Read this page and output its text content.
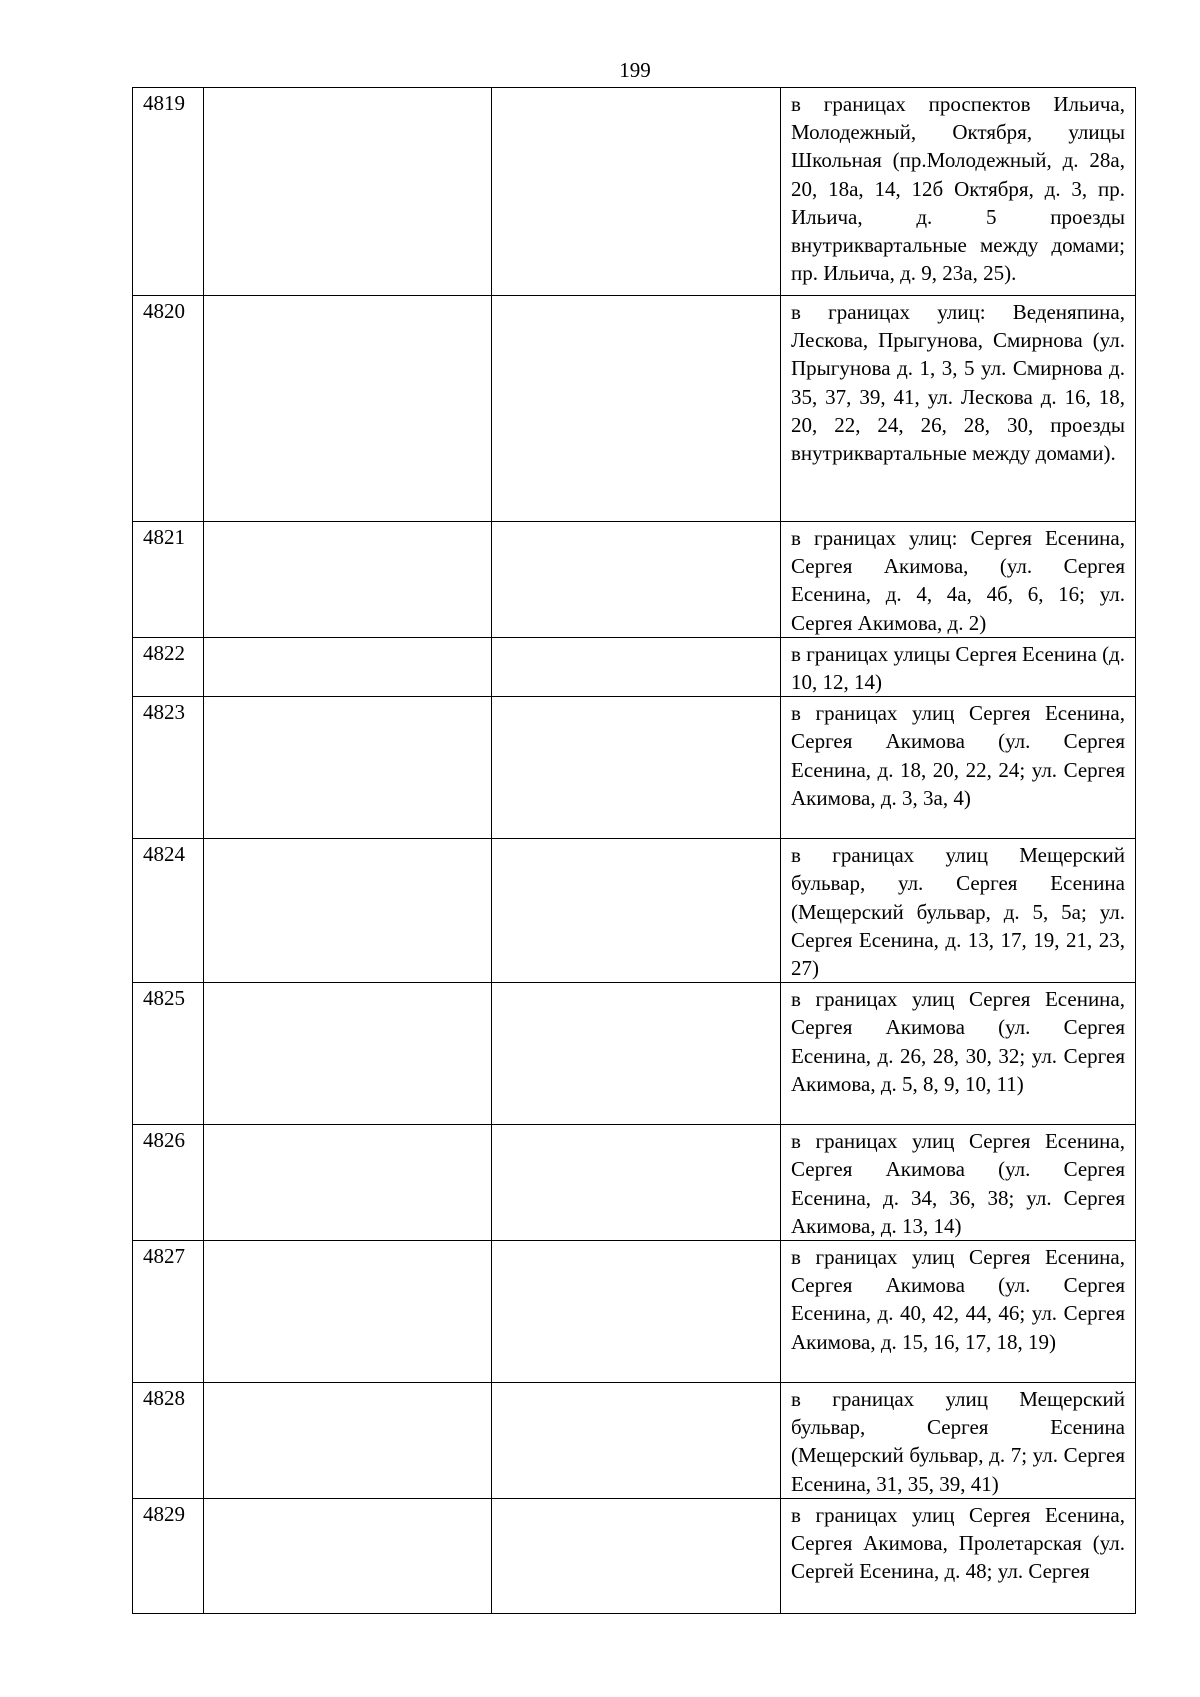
199
4819			в границах проспектов Ильича, Молодежный, Октября, улицы Школьная (пр.Молодежный, д. 28а, 20, 18а, 14, 12б Октября, д. 3, пр. Ильича, д. 5 проезды внутриквартальные между домами; пр. Ильича, д. 9, 23а, 25).

4820			в границах улиц: Веденяпина, Лескова, Прыгунова, Смирнова (ул. Прыгунова д. 1, 3, 5 ул. Смирнова д. 35, 37, 39, 41, ул. Лескова д. 16, 18, 20, 22, 24, 26, 28, 30, проезды внутриквартальные между домами).

4821			в границах улиц: Сергея Есенина, Сергея Акимова, (ул. Сергея Есенина, д. 4, 4а, 4б, 6, 16; ул. Сергея Акимова, д. 2)

4822			в границах улицы Сергея Есенина (д. 10, 12, 14)

4823			в границах улиц Сергея Есенина, Сергея Акимова (ул. Сергея Есенина, д. 18, 20, 22, 24; ул. Сергея Акимова, д. 3, 3а, 4)

4824			в границах улиц Мещерский бульвар, ул. Сергея Есенина (Мещерский бульвар, д. 5, 5а; ул. Сергея Есенина, д. 13, 17, 19, 21, 23, 27)

4825			в границах улиц Сергея Есенина, Сергея Акимова (ул. Сергея Есенина, д. 26, 28, 30, 32; ул. Сергея Акимова, д. 5, 8, 9, 10, 11)

4826			в границах улиц Сергея Есенина, Сергея Акимова (ул. Сергея Есенина, д. 34, 36, 38; ул. Сергея Акимова, д. 13, 14)

4827			в границах улиц Сергея Есенина, Сергея Акимова (ул. Сергея Есенина, д. 40, 42, 44, 46; ул. Сергея Акимова, д. 15, 16, 17, 18, 19)

4828			в границах улиц Мещерский бульвар, Сергея Есенина (Мещерский бульвар, д. 7; ул. Сергея Есенина, 31, 35, 39, 41)

4829			в границах улиц Сергея Есенина, Сергея Акимова, Пролетарская (ул. Сергей Есенина, д. 48; ул. Сергея
